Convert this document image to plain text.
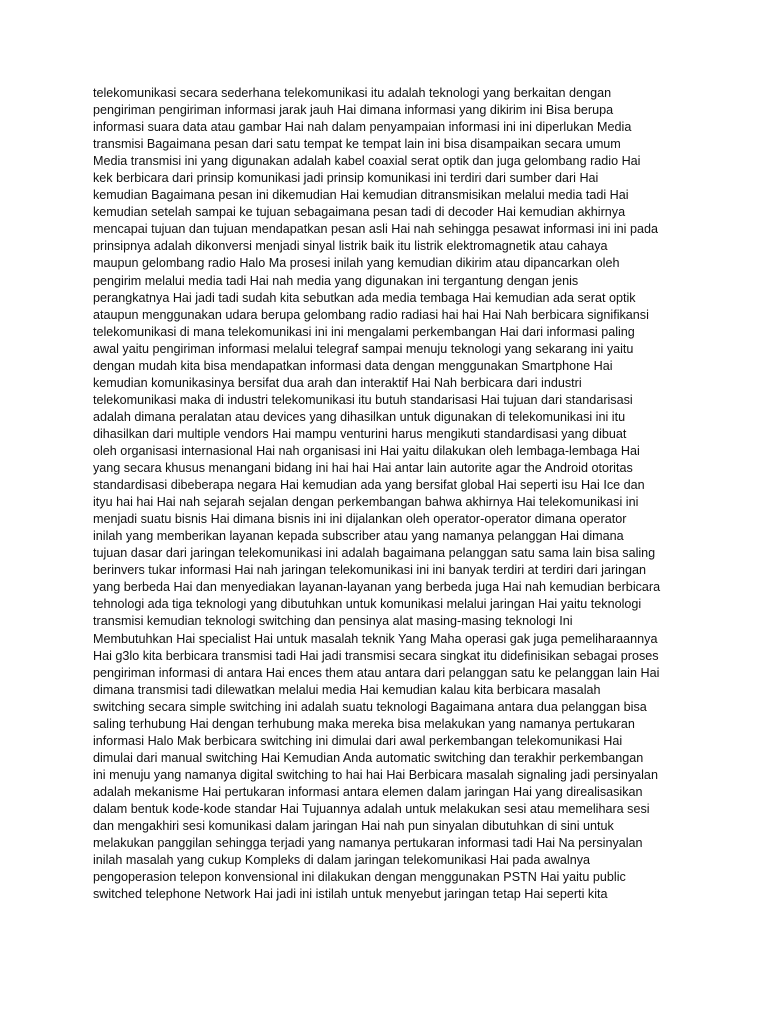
telekomunikasi secara sederhana telekomunikasi itu adalah teknologi yang berkaitan dengan
pengiriman pengiriman informasi jarak jauh Hai dimana informasi yang dikirim ini Bisa berupa
informasi suara data atau gambar Hai nah dalam penyampaian informasi ini ini diperlukan Media
transmisi Bagaimana pesan dari satu tempat ke tempat lain ini bisa disampaikan secara umum
Media transmisi ini yang digunakan adalah kabel coaxial serat optik dan juga gelombang radio Hai
kek berbicara dari prinsip komunikasi jadi prinsip komunikasi ini terdiri dari sumber dari Hai
kemudian Bagaimana pesan ini dikemudian Hai kemudian ditransmisikan melalui media tadi Hai
kemudian setelah sampai ke tujuan sebagaimana pesan tadi di decoder Hai kemudian akhirnya
mencapai tujuan dan tujuan mendapatkan pesan asli Hai nah sehingga pesawat informasi ini ini pada
prinsipnya adalah dikonversi menjadi sinyal listrik baik itu listrik elektromagnetik atau cahaya
maupun gelombang radio Halo Ma prosesi inilah yang kemudian dikirim atau dipancarkan oleh
pengirim melalui media tadi Hai nah media yang digunakan ini tergantung dengan jenis
perangkatnya Hai jadi tadi sudah kita sebutkan ada media tembaga Hai kemudian ada serat optik
ataupun menggunakan udara berupa gelombang radio radiasi hai hai Hai Nah berbicara signifikansi
telekomunikasi di mana telekomunikasi ini ini mengalami perkembangan Hai dari informasi paling
awal yaitu pengiriman informasi melalui telegraf sampai menuju teknologi yang sekarang ini yaitu
dengan mudah kita bisa mendapatkan informasi data dengan menggunakan Smartphone Hai
kemudian komunikasinya bersifat dua arah dan interaktif Hai Nah berbicara dari industri
telekomunikasi maka di industri telekomunikasi itu butuh standarisasi Hai tujuan dari standarisasi
adalah dimana peralatan atau devices yang dihasilkan untuk digunakan di telekomunikasi ini itu
dihasilkan dari multiple vendors Hai mampu venturini harus mengikuti standardisasi yang dibuat
oleh organisasi internasional Hai nah organisasi ini Hai yaitu dilakukan oleh lembaga-lembaga Hai
yang secara khusus menangani bidang ini hai hai Hai antar lain autorite agar the Android otoritas
standardisasi dibeberapa negara Hai kemudian ada yang bersifat global Hai seperti isu Hai Ice dan
ityu hai hai Hai nah sejarah sejalan dengan perkembangan bahwa akhirnya Hai telekomunikasi ini
menjadi suatu bisnis Hai dimana bisnis ini ini dijalankan oleh operator-operator dimana operator
inilah yang memberikan layanan kepada subscriber atau yang namanya pelanggan Hai dimana
tujuan dasar dari jaringan telekomunikasi ini adalah bagaimana pelanggan satu sama lain bisa saling
berinvers tukar informasi Hai nah jaringan telekomunikasi ini ini banyak terdiri at terdiri dari jaringan
yang berbeda Hai dan menyediakan layanan-layanan yang berbeda juga Hai nah kemudian berbicara
tehnologi ada tiga teknologi yang dibutuhkan untuk komunikasi melalui jaringan Hai yaitu teknologi
transmisi kemudian teknologi switching dan pensinya alat masing-masing teknologi Ini
Membutuhkan Hai specialist Hai untuk masalah teknik Yang Maha operasi gak juga pemeliharaannya
Hai g3lo kita berbicara transmisi tadi Hai jadi transmisi secara singkat itu didefinisikan sebagai proses
pengiriman informasi di antara Hai ences them atau antara dari pelanggan satu ke pelanggan lain Hai
dimana transmisi tadi dilewatkan melalui media Hai kemudian kalau kita berbicara masalah
switching secara simple switching ini adalah suatu teknologi Bagaimana antara dua pelanggan bisa
saling terhubung Hai dengan terhubung maka mereka bisa melakukan yang namanya pertukaran
informasi Halo Mak berbicara switching ini dimulai dari awal perkembangan telekomunikasi Hai
dimulai dari manual switching Hai Kemudian Anda automatic switching dan terakhir perkembangan
ini menuju yang namanya digital switching to hai hai Hai Berbicara masalah signaling jadi persinyalan
adalah mekanisme Hai pertukaran informasi antara elemen dalam jaringan Hai yang direalisasikan
dalam bentuk kode-kode standar Hai Tujuannya adalah untuk melakukan sesi atau memelihara sesi
dan mengakhiri sesi komunikasi dalam jaringan Hai nah pun sinyalan dibutuhkan di sini untuk
melakukan panggilan sehingga terjadi yang namanya pertukaran informasi tadi Hai Na persinyalan
inilah masalah yang cukup Kompleks di dalam jaringan telekomunikasi Hai pada awalnya
pengoperasion telepon konvensional ini dilakukan dengan menggunakan PSTN Hai yaitu public
switched telephone Network Hai jadi ini istilah untuk menyebut jaringan tetap Hai seperti kita
